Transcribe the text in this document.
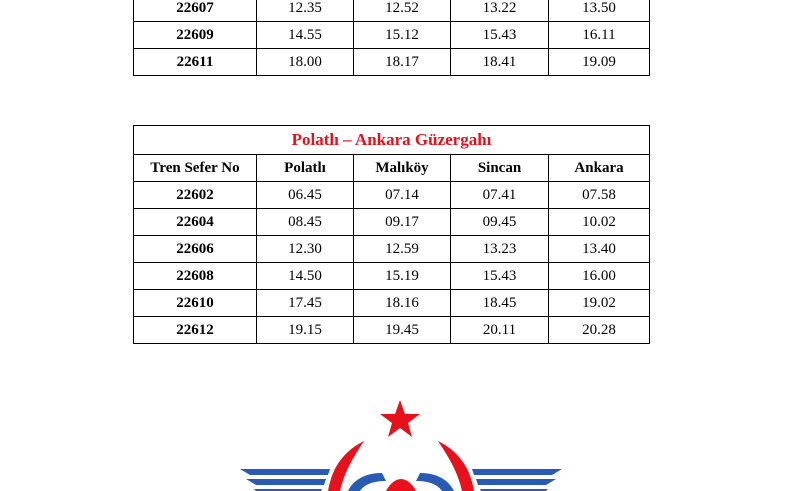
22607	12.35	12.52	13.22	13.50
22609	14.55	15.12	15.43	16.11
22611	18.00	18.17	18.41	19.09
Polatlı – Ankara Güzergahı				
Tren Sefer No	Polatlı	Malıköy	Sincan	Ankara
22602	06.45	07.14	07.41	07.58
22604	08.45	09.17	09.45	10.02
22606	12.30	12.59	13.23	13.40
22608	14.50	15.19	15.43	16.00
22610	17.45	18.16	18.45	19.02
22612	19.15	19.45	20.11	20.28
